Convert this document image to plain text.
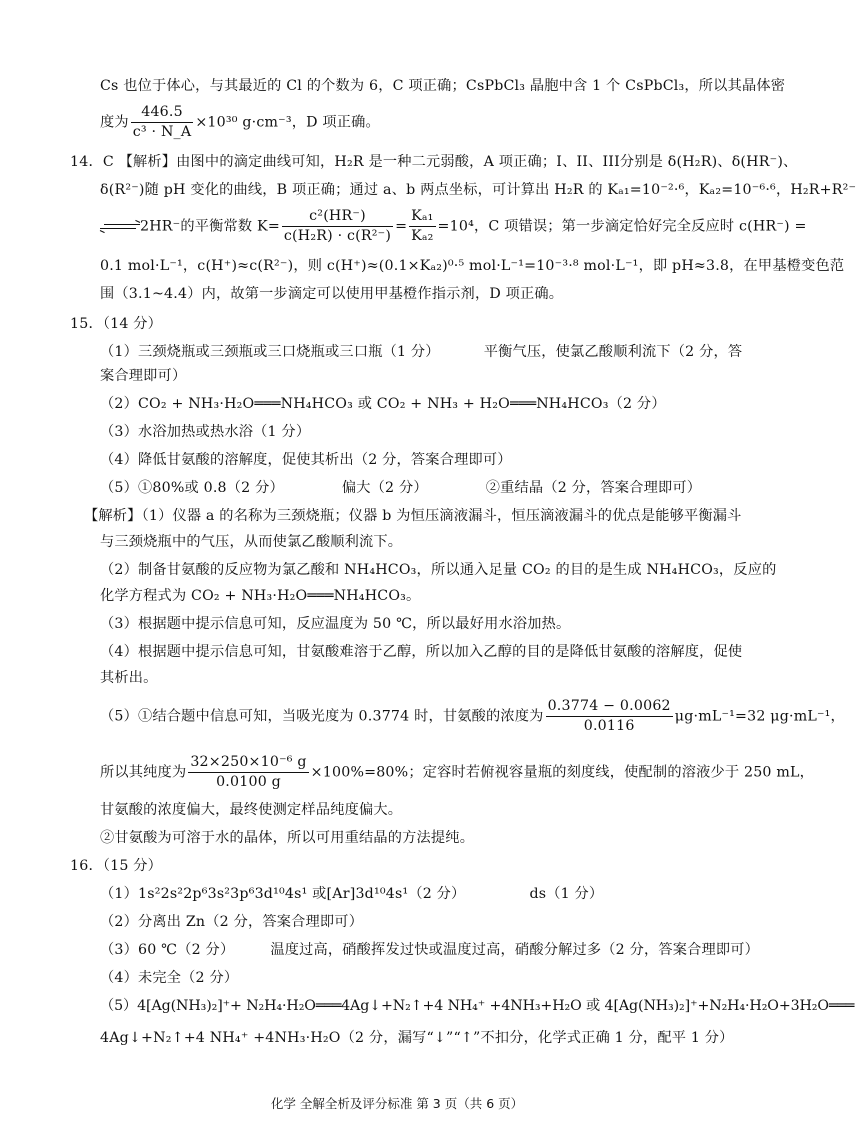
Cs 也位于体心，与其最近的 Cl 的个数为 6，C 项正确；CsPbCl₃ 晶胞中含 1 个 CsPbCl₃，所以其晶体密
度为 $\frac{446.5}{\text{c³ · N\_A}} \times 10^{30}$ g·cm⁻³，D 项正确。
14．C 【解析】由图中的滴定曲线可知，H₂R 是一种二元弱酸，A 项正确；I、II、III分别是 δ(H₂R)、δ(HR⁻)、
δ(R²⁻)随 pH 变化的曲线，B 项正确；通过 a、b 两点坐标，可计算出 H₂R 的 Kₐ₁=10⁻²·⁶，Kₐ₂=10⁻⁶·⁶，H₂R+R²⁻
⇌2HR⁻的平衡常数 $K= \frac{\text{c²(HR⁻)}}{\text{c(H₂R) · c(R²⁻)}} = \frac{\text{Kₐ₁}}{\text{Kₐ₂}} =10^4$，C 项错误；第一步滴定恰好完全反应时 c(HR⁻) =
0.1 mol·L⁻¹，c(H⁺)≈c(R²⁻)，则 c(H⁺)≈(0.1×Kₐ₂)⁰·⁵ mol·L⁻¹=10⁻³·⁸ mol·L⁻¹，即 pH≈3.8，在甲基橙变色范
围（3.1~4.4）内，故第一步滴定可以使用甲基橙作指示剂，D 项正确。
15．（14 分）
（1）三颈烧瓶或三颈瓶或三口烧瓶或三口瓶（1 分）	平衡气压，使氯乙酸顺利流下（2 分，答
案合理即可）
（2）CO₂ + NH₃·H₂O═══NH₄HCO₃ 或 CO₂ + NH₃ + H₂O═══NH₄HCO₃（2 分）
（3）水浴加热或热水浴（1 分）
（4）降低甘氨酸的溶解度，促使其析出（2 分，答案合理即可）
（5）①80%或 0.8（2 分）	偏大（2 分）	②重结晶（2 分，答案合理即可）
【解析】（1）仪器 a 的名称为三颈烧瓶；仪器 b 为恒压滴液漏斗，恒压滴液漏斗的优点是能够平衡漏斗
与三颈烧瓶中的气压，从而使氯乙酸顺利流下。
（2）制备甘氨酸的反应物为氯乙酸和 NH₄HCO₃，所以通入足量 CO₂ 的目的是生成 NH₄HCO₃，反应的
化学方程式为 CO₂ + NH₃·H₂O═══NH₄HCO₃。
（3）根据题中提示信息可知，反应温度为 50 ℃，所以最好用水浴加热。
（4）根据题中提示信息可知，甘氨酸难溶于乙醇，所以加入乙醇的目的是降低甘氨酸的溶解度，促使
其析出。
（5）①结合题中信息可知，当吸光度为 0.3774 时，甘氨酸的浓度为 $\frac{0.3774 - 0.0062}{0.0116} \mu g\cdot mL^{-1}=32$ μg·mL⁻¹，
所以其纯度为 $\frac{\text{32×250×10⁻⁶ g}}{0.0100 g} \times 100\%=80\%$；定容时若俯视容量瓶的刻度线，使配制的溶液少于 250 mL，
甘氨酸的浓度偏大，最终使测定样品纯度偏大。
②甘氨酸为可溶于水的晶体，所以可用重结晶的方法提纯。
16．（15 分）
（1）1s²2s²2p⁶3s²3p⁶3d¹⁰4s¹ 或[Ar]3d¹⁰4s¹（2 分）	ds（1 分）
（2）分离出 Zn（2 分，答案合理即可）
（3）60 ℃（2 分）	温度过高，硝酸挥发过快或温度过高，硝酸分解过多（2 分，答案合理即可）
（4）未完全（2 分）
（5）4[Ag(NH₃)₂]⁺+ N₂H₄·H₂O═══4Ag↓+N₂↑+4 NH₄⁺ +4NH₃+H₂O 或 4[Ag(NH₃)₂]⁺+N₂H₄·H₂O+3H₂O═══
4Ag↓+N₂↑+4 NH₄⁺ +4NH₃·H₂O（2 分，漏写“↓”“↑”不扣分，化学式正确 1 分，配平 1 分）
化学 全解全析及评分标准 第 3 页（共 6 页）
